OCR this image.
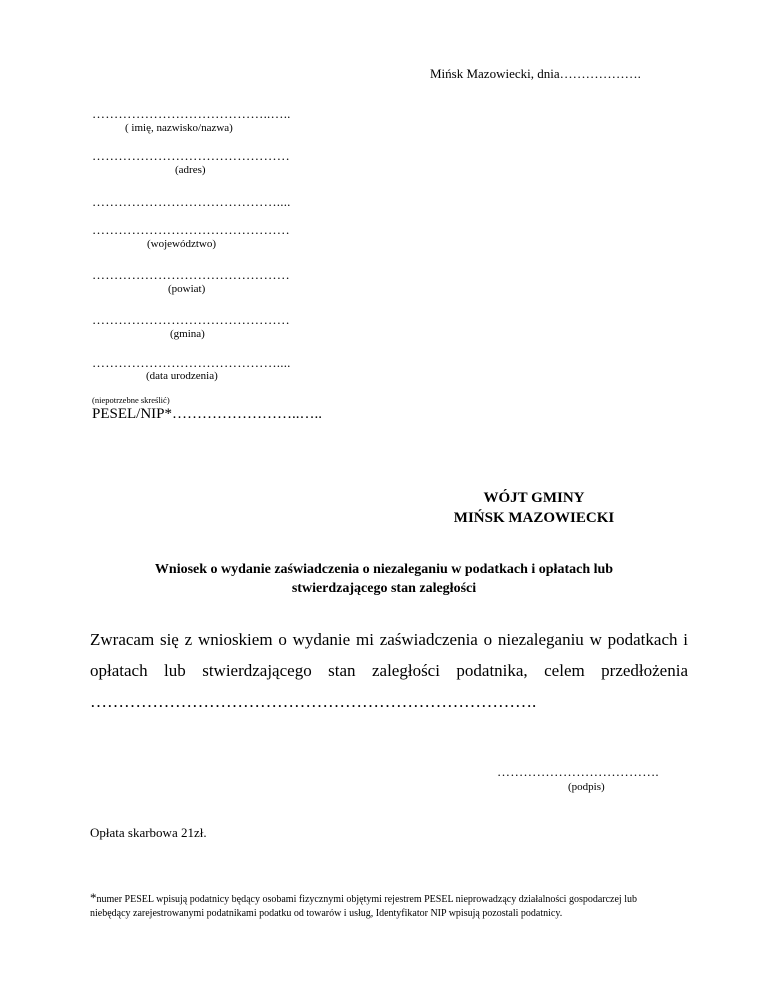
Mińsk Mazowiecki, dnia……………….
…………………………………..…..
( imię, nazwisko/nazwa)
………………………………………
(adres)
……………………………………....
………………………………………
(województwo)
………………………………………
(powiat)
………………………………………
(gmina)
……………………………………....
(data urodzenia)
(niepotrzebne skreślić)
PESEL/NIP*……………………..…..
WÓJT GMINY
MIŃSK MAZOWIECKI
Wniosek o wydanie zaświadczenia o niezaleganiu w podatkach i opłatach lub
stwierdzającego stan zaległości
Zwracam się z wnioskiem o wydanie mi zaświadczenia o niezaleganiu w podatkach i opłatach lub stwierdzającego stan zaległości podatnika, celem przedłożenia …………………………………………………………………….
……………………………….
(podpis)
Opłata skarbowa 21zł.
*numer PESEL wpisują podatnicy będący osobami fizycznymi objętymi rejestrem PESEL nieprowadzący działalności gospodarczej lub niebędący zarejestrowanymi podatnikami podatku od towarów i usług, Identyfikator NIP wpisują pozostali podatnicy.
